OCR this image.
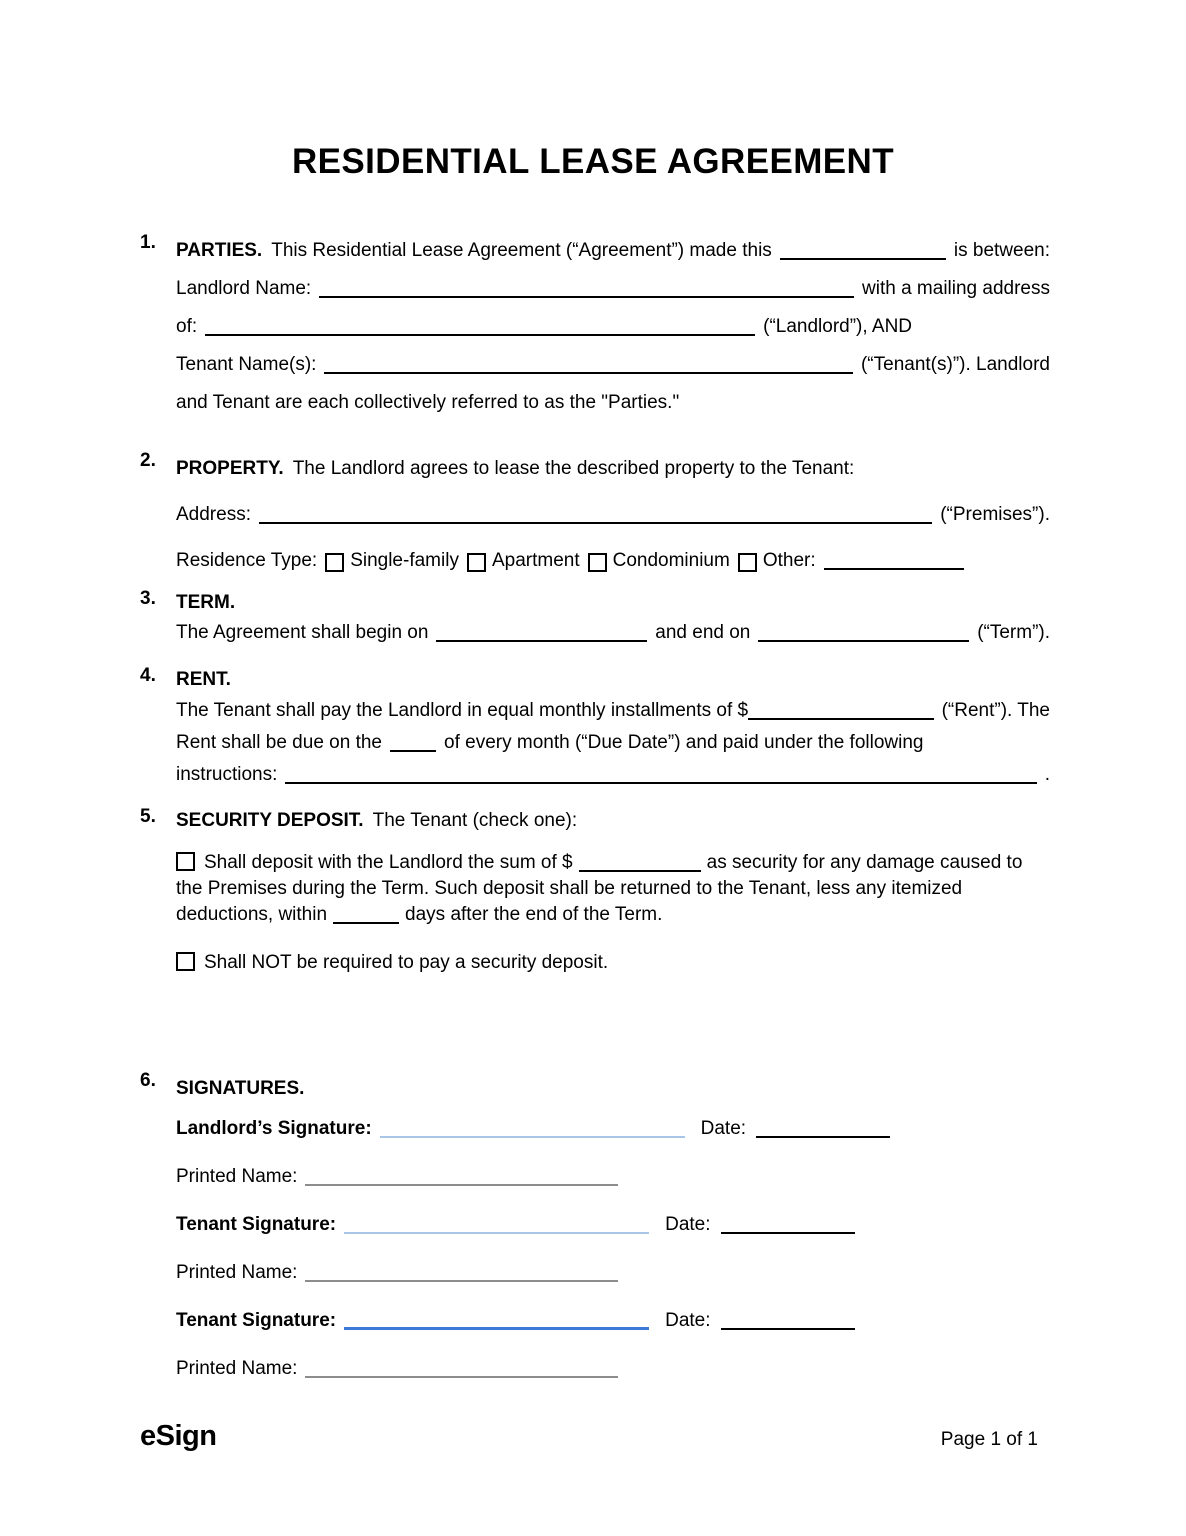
RESIDENTIAL LEASE AGREEMENT
1.	PARTIES. This Residential Lease Agreement (“Agreement”) made this	is between:
Landlord Name:	with a mailing address
of:	(“Landlord”), AND
Tenant Name(s):	(“Tenant(s)”). Landlord
and Tenant are each collectively referred to as the "Parties."
2.	PROPERTY. The Landlord agrees to lease the described property to the Tenant:
Address:	(“Premises”).
Residence Type: Single-family Apartment Condominium Other:
3.	TERM.
The Agreement shall begin on	and end on	(“Term”).
4.	RENT.
The Tenant shall pay the Landlord in equal monthly installments of $	(“Rent”). The
Rent shall be due on the	of every month (“Due Date”) and paid under the following
instructions:	.
5.	SECURITY DEPOSIT. The Tenant (check one):
Shall deposit with the Landlord the sum of $	as security for any damage caused to the Premises during the Term. Such deposit shall be returned to the Tenant, less any itemized deductions, within	days after the end of the Term.
Shall NOT be required to pay a security deposit.
6.	SIGNATURES.
Landlord’s Signature:	Date:
Printed Name:
Tenant Signature:	Date:
Printed Name:
Tenant Signature:	Date:
Printed Name:
eSign	Page 1 of 1
